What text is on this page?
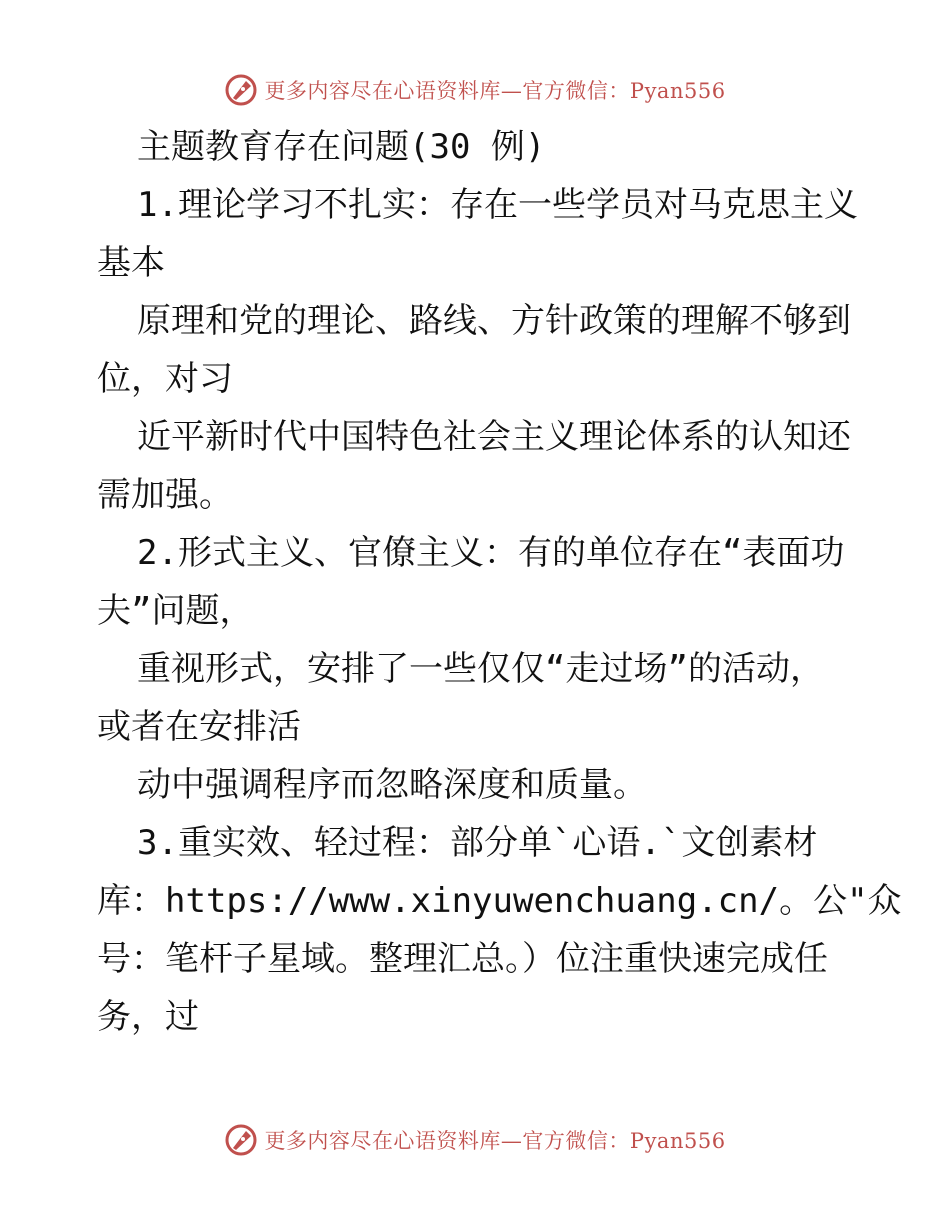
更多内容尽在心语资料库—官方微信：Pyan556
主题教育存在问题(30 例)
1.理论学习不扎实：存在一些学员对马克思主义
基本
原理和党的理论、路线、方针政策的理解不够到
位，对习
近平新时代中国特色社会主义理论体系的认知还
需加强。
2.形式主义、官僚主义：有的单位存在“表面功
夫”问题，
重视形式，安排了一些仅仅“走过场”的活动，
或者在安排活
动中强调程序而忽略深度和质量。
3.重实效、轻过程：部分单`心语.`文创素材
库：https://www.xinyuwenchuang.cn/。公"众
号：笔杆子星域。整理汇总。）位注重快速完成任
务，过
更多内容尽在心语资料库—官方微信：Pyan556
